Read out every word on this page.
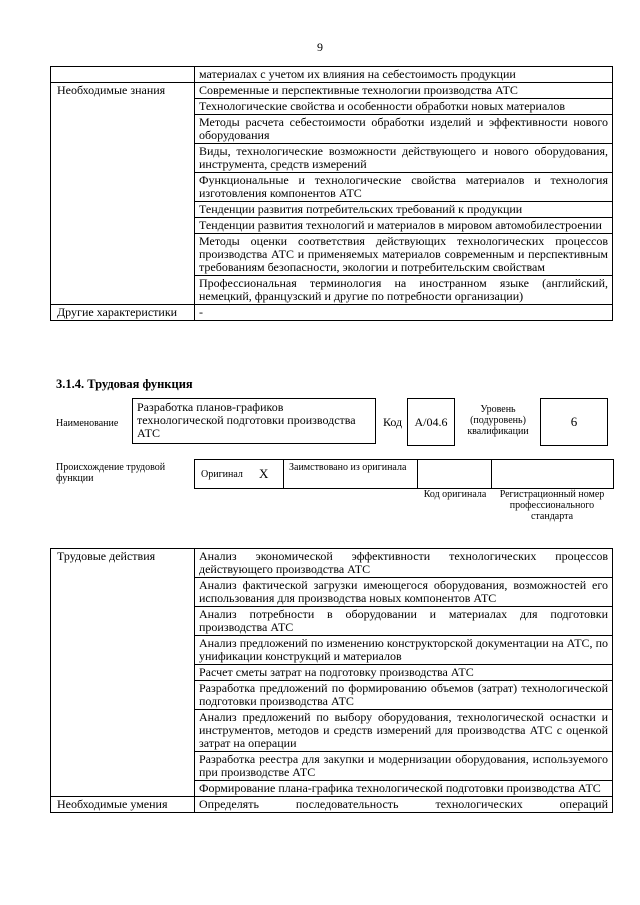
9

	материалах с учетом их влияния на себестоимость продукции

Необходимые знания	Современные и перспективные технологии производства АТС

	Технологические свойства и особенности обработки новых материалов

	Методы расчета себестоимости обработки изделий и эффективности нового оборудования

	Виды, технологические возможности действующего и нового оборудования, инструмента, средств измерений

	Функциональные и технологические свойства материалов и технология изготовления компонентов АТС

	Тенденции развития потребительских требований к продукции

	Тенденции развития технологий и материалов в мировом автомобилестроении

	Методы оценки соответствия действующих технологических процессов производства АТС и применяемых материалов современным и перспективным требованиям безопасности, экологии и потребительским свойствам

	Профессиональная терминология на иностранном языке (английский, немецкий, французский и другие по потребности организации)

Другие характеристики	-
3.1.4. Трудовая функция
Наименование
Разработка планов-графиков технологической подготовки производства АТС
Код	А/04.6
Уровень (подуровень) квалификации
6
Происхождение трудовой функции	Оригинал Х Заимствовано из оригинала
Код оригинала	Регистрационный номер профессионального стандарта
Трудовые действия	Анализ экономической эффективности технологических процессов действующего производства АТС

	Анализ фактической загрузки имеющегося оборудования, возможностей его использования для производства новых компонентов АТС

	Анализ потребности в оборудовании и материалах для подготовки производства АТС

	Анализ предложений по изменению конструкторской документации на АТС, по унификации конструкций и материалов

	Расчет сметы затрат на подготовку производства АТС

	Разработка предложений по формированию объемов (затрат) технологической подготовки производства АТС

	Анализ предложений по выбору оборудования, технологической оснастки и инструментов, методов и средств измерений для производства АТС с оценкой затрат на операции

	Разработка реестра для закупки и модернизации оборудования, используемого при производстве АТС

	Формирование плана-графика технологической подготовки производства АТС

Необходимые умения	Определять последовательность технологических операций
